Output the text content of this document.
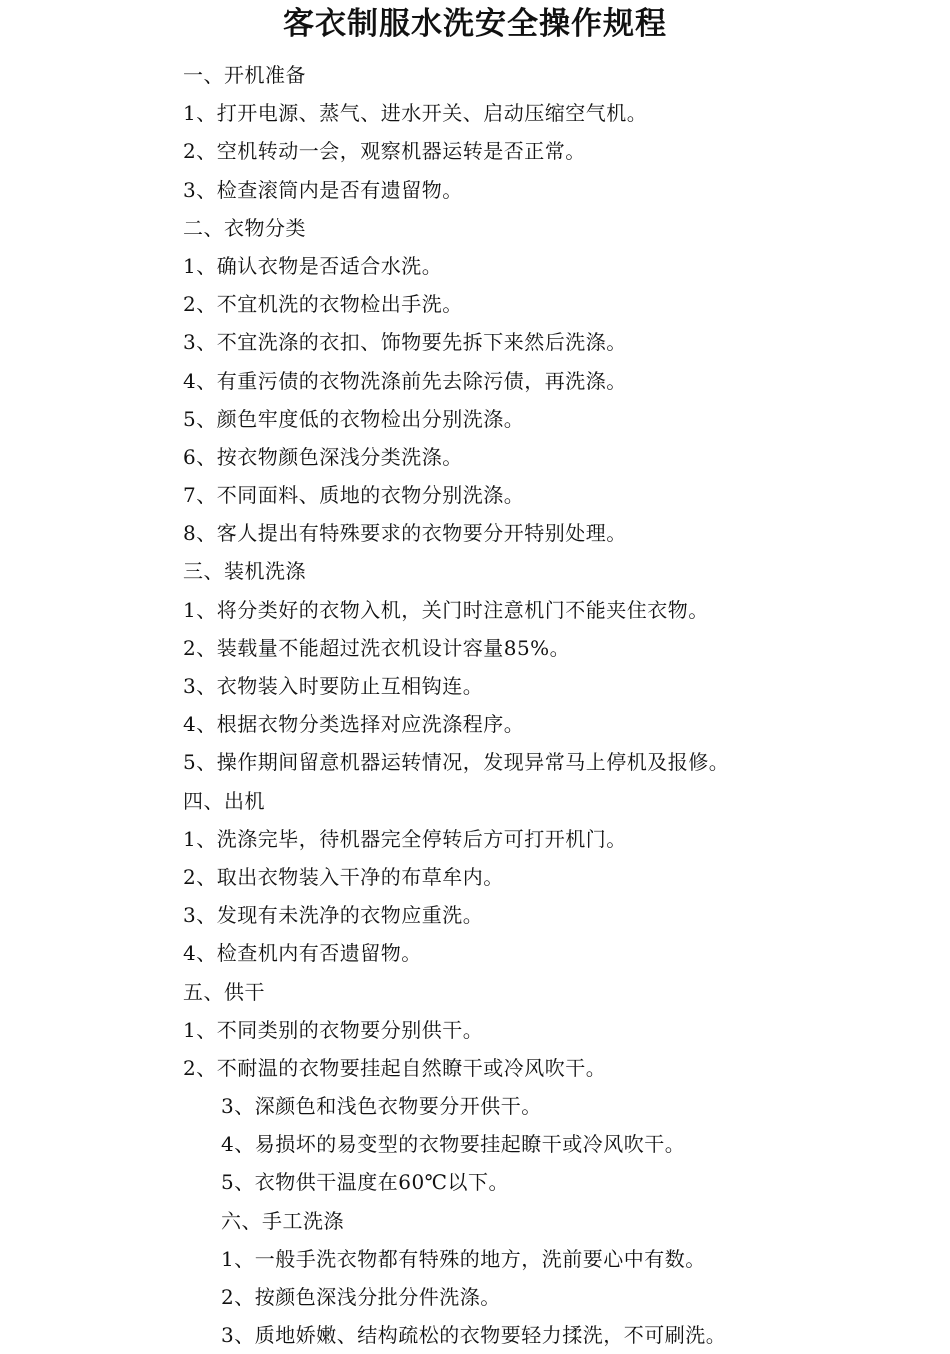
客衣制服水洗安全操作规程
一、开机准备
1、打开电源、蒸气、进水开关、启动压缩空气机。
2、空机转动一会，观察机器运转是否正常。
3、检查滚筒内是否有遗留物。
二、衣物分类
1、确认衣物是否适合水洗。
2、不宜机洗的衣物检出手洗。
3、不宜洗涤的衣扣、饰物要先拆下来然后洗涤。
4、有重污债的衣物洗涤前先去除污债，再洗涤。
5、颜色牢度低的衣物检出分别洗涤。
6、按衣物颜色深浅分类洗涤。
7、不同面料、质地的衣物分别洗涤。
8、客人提出有特殊要求的衣物要分开特别处理。
三、装机洗涤
1、将分类好的衣物入机，关门时注意机门不能夹住衣物。
2、装载量不能超过洗衣机设计容量85%。
3、衣物装入时要防止互相钩连。
4、根据衣物分类选择对应洗涤程序。
5、操作期间留意机器运转情况，发现异常马上停机及报修。
四、出机
1、洗涤完毕，待机器完全停转后方可打开机门。
2、取出衣物装入干净的布草牟内。
3、发现有未洗净的衣物应重洗。
4、检查机内有否遗留物。
五、供干
1、不同类别的衣物要分别供干。
2、不耐温的衣物要挂起自然瞭干或冷风吹干。
3、深颜色和浅色衣物要分开供干。
4、易损坏的易变型的衣物要挂起瞭干或冷风吹干。
5、衣物供干温度在60℃以下。
六、手工洗涤
1、一般手洗衣物都有特殊的地方，洗前要心中有数。
2、按颜色深浅分批分件洗涤。
3、质地娇嫩、结构疏松的衣物要轻力揉洗，不可刷洗。
